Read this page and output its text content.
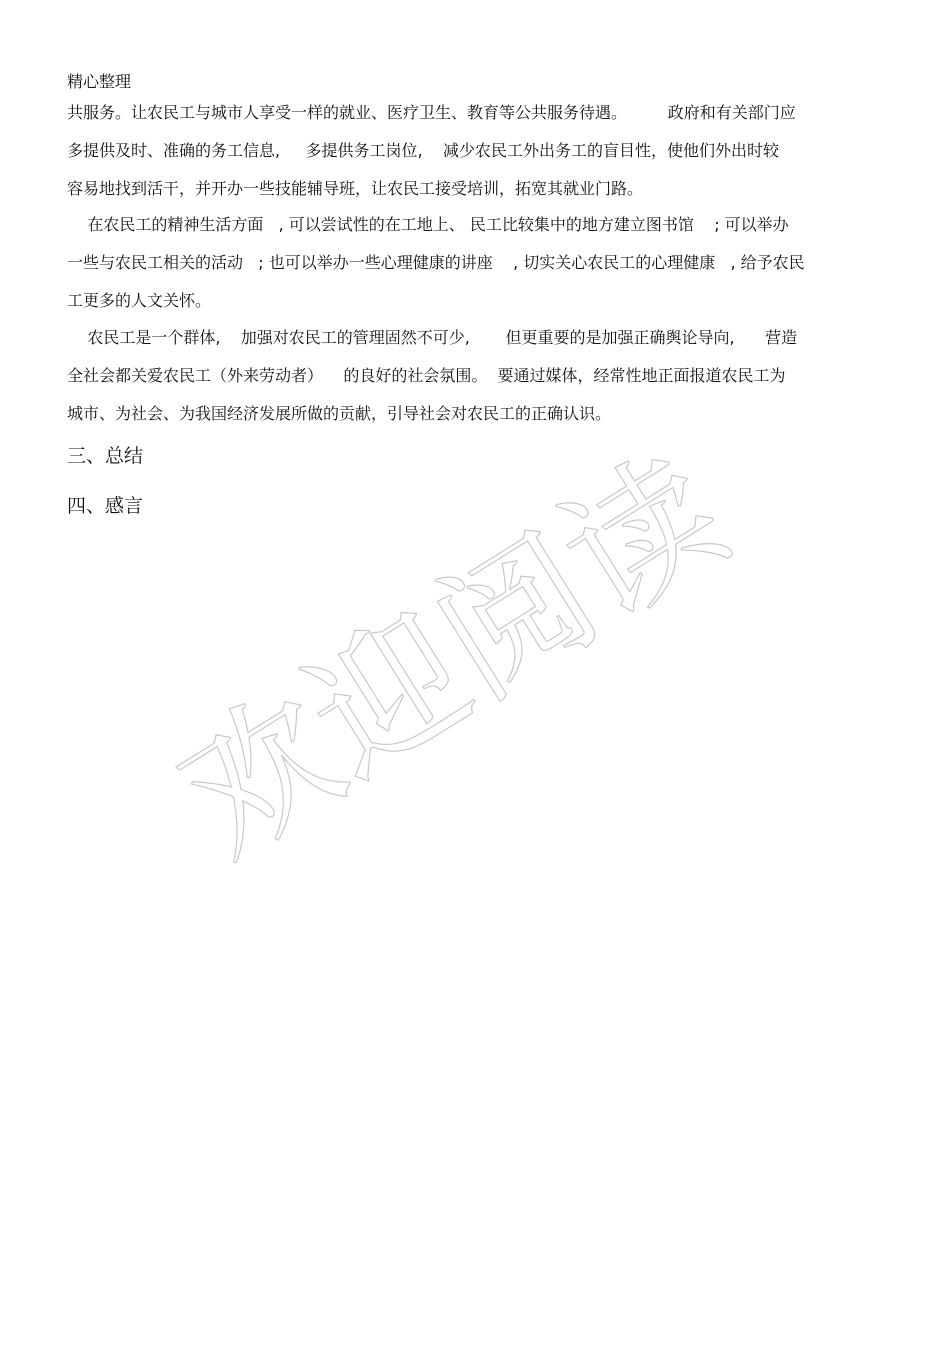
精心整理
共服务。让农民工与城市人享受一样的就业、医疗卫生、教育等公共服务待遇。        政府和有关部门应
多提供及时、准确的务工信息,     多提供务工岗位,    减少农民工外出务工的盲目性，使他们外出时较
容易地找到活干，并开办一些技能辅导班，让农民工接受培训，拓宽其就业门路。
在农民工的精神生活方面   , 可以尝试性的在工地上、 民工比较集中的地方建立图书馆    ; 可以举办
一些与农民工相关的活动   ; 也可以举办一些心理健康的讲座    , 切实关心农民工的心理健康   , 给予农民
工更多的人文关怀。
农民工是一个群体,    加强对农民工的管理固然不可少,       但更重要的是加强正确舆论导向,      营造
全社会都关爱农民工（外来劳动者）    的良好的社会氛围。  要通过媒体，经常性地正面报道农民工为
城市、为社会、为我国经济发展所做的贡献，引导社会对农民工的正确认识。
三、总结
四、感言 欢迎阅读
